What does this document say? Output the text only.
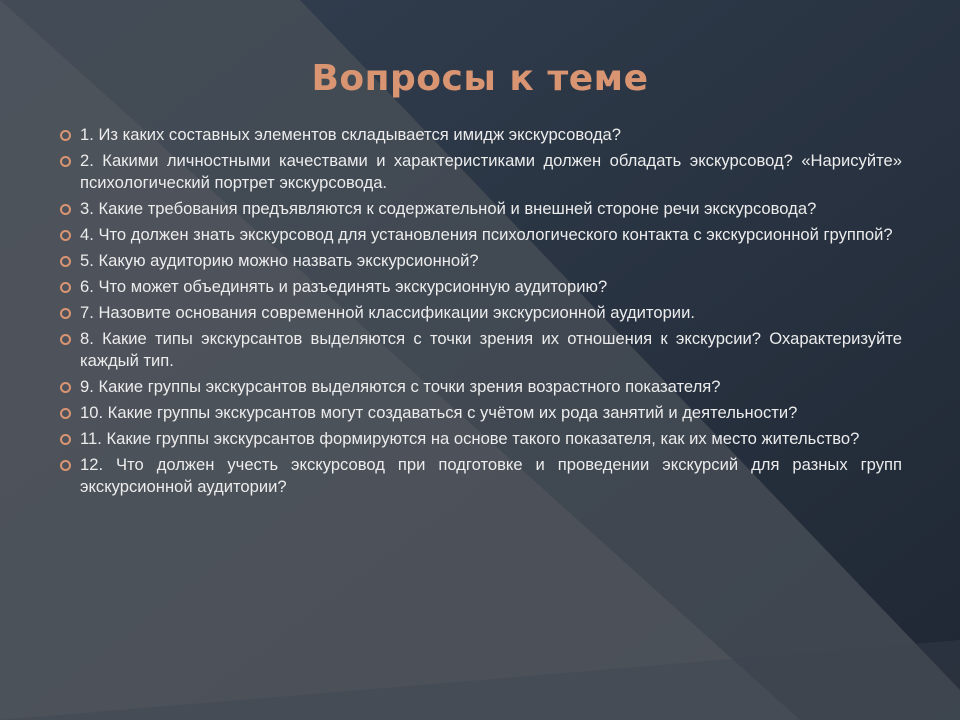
Вопросы к теме
1. Из каких составных элементов складывается имидж экскурсовода?
2. Какими личностными качествами и характеристиками должен обладать экскурсовод? «Нарисуйте» психологический портрет экскурсовода.
3. Какие требования предъявляются к содержательной и внешней стороне речи экскурсовода?
4. Что должен знать экскурсовод для установления психологического контакта с экскурсионной группой?
5. Какую аудиторию можно назвать экскурсионной?
6. Что может объединять и разъединять экскурсионную аудиторию?
7. Назовите основания современной классификации экскурсионной аудитории.
8. Какие типы экскурсантов выделяются с точки зрения их отношения к экскурсии? Охарактеризуйте каждый тип.
9. Какие группы экскурсантов выделяются с точки зрения возрастного показателя?
10. Какие группы экскурсантов могут создаваться с учётом их рода занятий и деятельности?
11. Какие группы экскурсантов формируются на основе такого показателя, как их место жительство?
12. Что должен учесть экскурсовод при подготовке и проведении экскурсий для разных групп экскурсионной аудитории?
